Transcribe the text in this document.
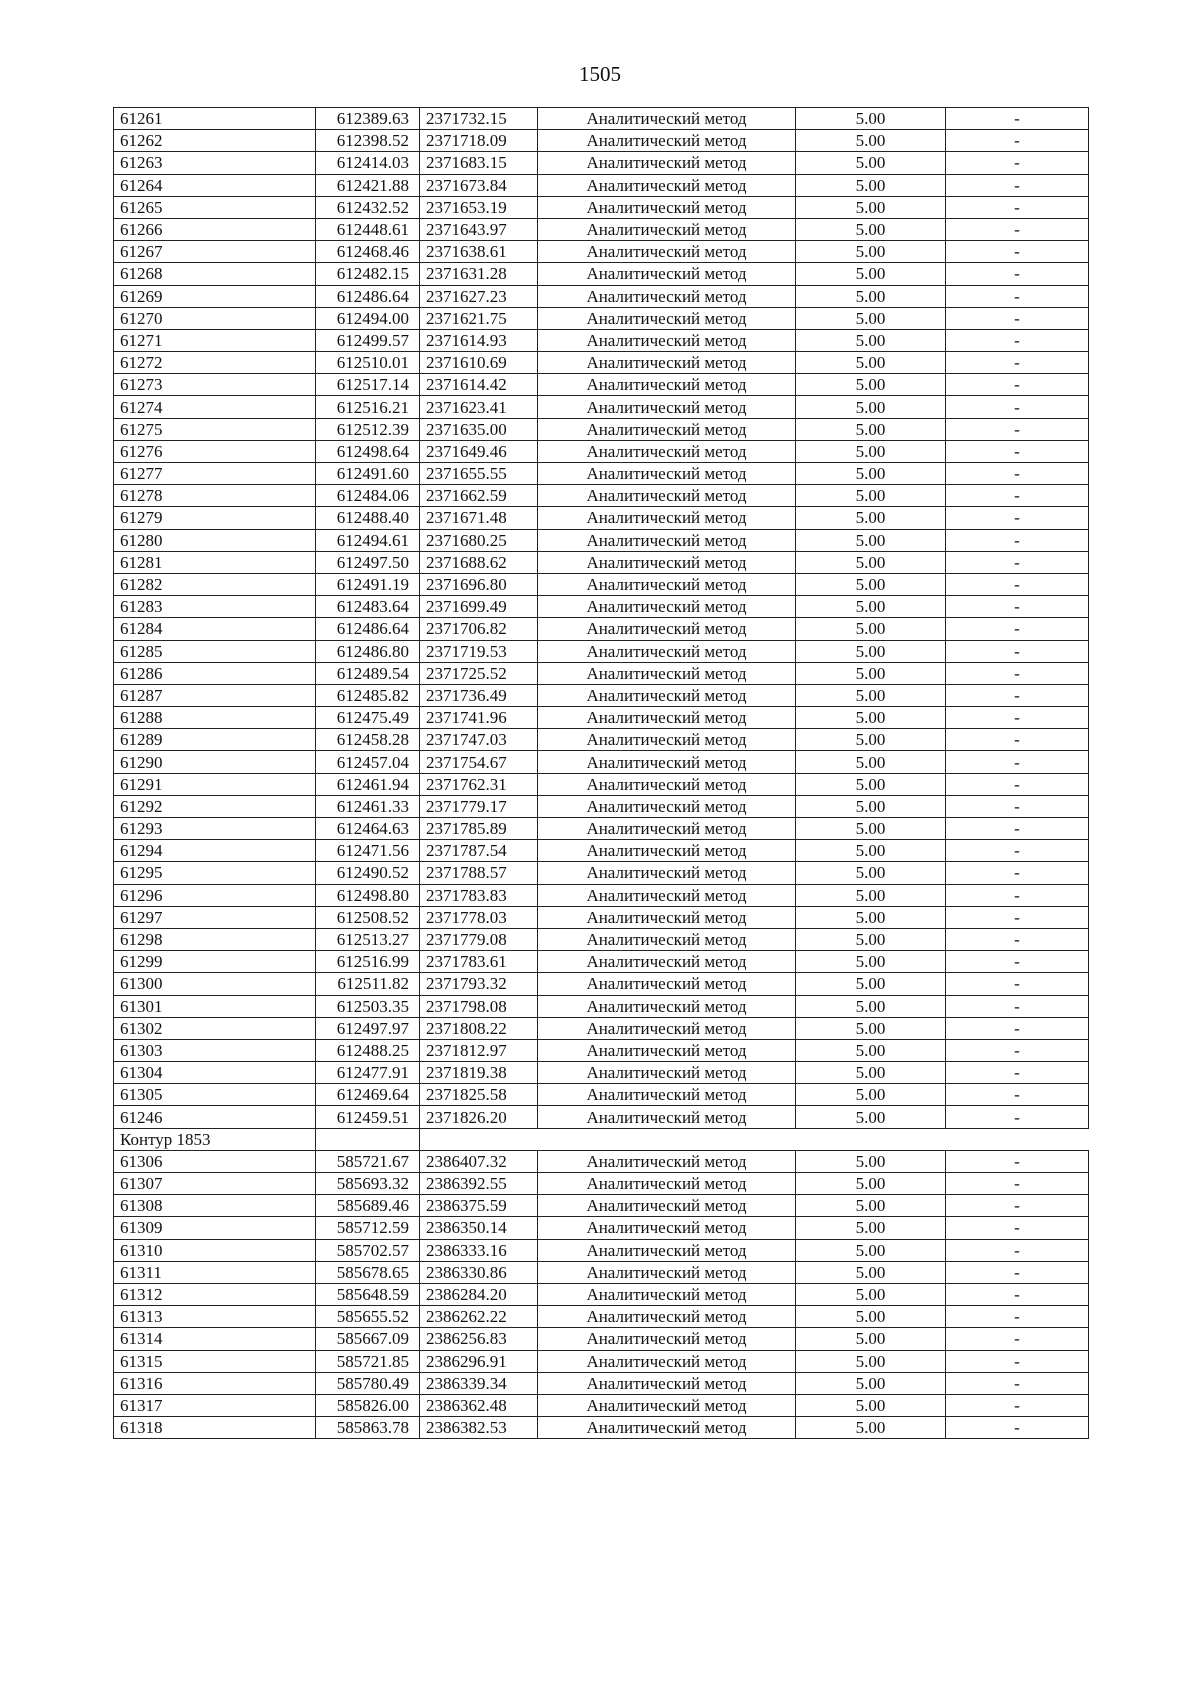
1505
61261	612389.63	2371732.15	Аналитический метод	5.00	-
61262	612398.52	2371718.09	Аналитический метод	5.00	-
61263	612414.03	2371683.15	Аналитический метод	5.00	-
61264	612421.88	2371673.84	Аналитический метод	5.00	-
61265	612432.52	2371653.19	Аналитический метод	5.00	-
61266	612448.61	2371643.97	Аналитический метод	5.00	-
61267	612468.46	2371638.61	Аналитический метод	5.00	-
61268	612482.15	2371631.28	Аналитический метод	5.00	-
61269	612486.64	2371627.23	Аналитический метод	5.00	-
61270	612494.00	2371621.75	Аналитический метод	5.00	-
61271	612499.57	2371614.93	Аналитический метод	5.00	-
61272	612510.01	2371610.69	Аналитический метод	5.00	-
61273	612517.14	2371614.42	Аналитический метод	5.00	-
61274	612516.21	2371623.41	Аналитический метод	5.00	-
61275	612512.39	2371635.00	Аналитический метод	5.00	-
61276	612498.64	2371649.46	Аналитический метод	5.00	-
61277	612491.60	2371655.55	Аналитический метод	5.00	-
61278	612484.06	2371662.59	Аналитический метод	5.00	-
61279	612488.40	2371671.48	Аналитический метод	5.00	-
61280	612494.61	2371680.25	Аналитический метод	5.00	-
61281	612497.50	2371688.62	Аналитический метод	5.00	-
61282	612491.19	2371696.80	Аналитический метод	5.00	-
61283	612483.64	2371699.49	Аналитический метод	5.00	-
61284	612486.64	2371706.82	Аналитический метод	5.00	-
61285	612486.80	2371719.53	Аналитический метод	5.00	-
61286	612489.54	2371725.52	Аналитический метод	5.00	-
61287	612485.82	2371736.49	Аналитический метод	5.00	-
61288	612475.49	2371741.96	Аналитический метод	5.00	-
61289	612458.28	2371747.03	Аналитический метод	5.00	-
61290	612457.04	2371754.67	Аналитический метод	5.00	-
61291	612461.94	2371762.31	Аналитический метод	5.00	-
61292	612461.33	2371779.17	Аналитический метод	5.00	-
61293	612464.63	2371785.89	Аналитический метод	5.00	-
61294	612471.56	2371787.54	Аналитический метод	5.00	-
61295	612490.52	2371788.57	Аналитический метод	5.00	-
61296	612498.80	2371783.83	Аналитический метод	5.00	-
61297	612508.52	2371778.03	Аналитический метод	5.00	-
61298	612513.27	2371779.08	Аналитический метод	5.00	-
61299	612516.99	2371783.61	Аналитический метод	5.00	-
61300	612511.82	2371793.32	Аналитический метод	5.00	-
61301	612503.35	2371798.08	Аналитический метод	5.00	-
61302	612497.97	2371808.22	Аналитический метод	5.00	-
61303	612488.25	2371812.97	Аналитический метод	5.00	-
61304	612477.91	2371819.38	Аналитический метод	5.00	-
61305	612469.64	2371825.58	Аналитический метод	5.00	-
61246	612459.51	2371826.20	Аналитический метод	5.00	-
Контур 1853					
61306	585721.67	2386407.32	Аналитический метод	5.00	-
61307	585693.32	2386392.55	Аналитический метод	5.00	-
61308	585689.46	2386375.59	Аналитический метод	5.00	-
61309	585712.59	2386350.14	Аналитический метод	5.00	-
61310	585702.57	2386333.16	Аналитический метод	5.00	-
61311	585678.65	2386330.86	Аналитический метод	5.00	-
61312	585648.59	2386284.20	Аналитический метод	5.00	-
61313	585655.52	2386262.22	Аналитический метод	5.00	-
61314	585667.09	2386256.83	Аналитический метод	5.00	-
61315	585721.85	2386296.91	Аналитический метод	5.00	-
61316	585780.49	2386339.34	Аналитический метод	5.00	-
61317	585826.00	2386362.48	Аналитический метод	5.00	-
61318	585863.78	2386382.53	Аналитический метод	5.00	-
